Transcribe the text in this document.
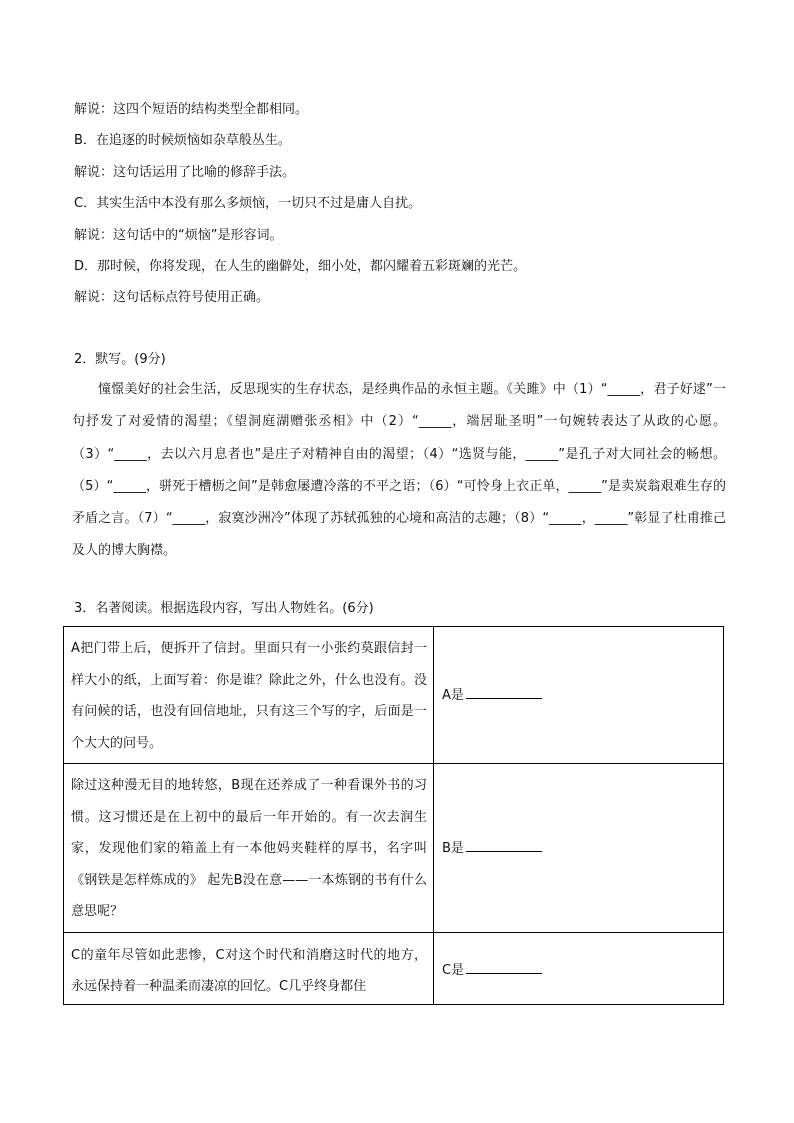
解说：这四个短语的结构类型全都相同。
B．在追逐的时候烦恼如杂草般丛生。
解说：这句话运用了比喻的修辞手法。
C．其实生活中本没有那么多烦恼，一切只不过是庸人自扰。
解说：这句话中的“烦恼”是形容词。
D．那时候，你将发现，在人生的幽僻处，细小处，都闪耀着五彩斑斓的光芒。
解说：这句话标点符号使用正确。
2．默写。(9分)

憧憬美好的社会生活，反思现实的生存状态，是经典作品的永恒主题。《关雎》中（1）“_____，君子好逑”一句抒发了对爱情的渴望；《望洞庭湖赠张丞相》中（2）“_____，端居耻圣明”一句婉转表达了从政的心愿。（3）“_____，去以六月息者也”是庄子对精神自由的渴望；（4）“选贤与能，_____”是孔子对大同社会的畅想。（5）“_____，骈死于槽枥之间”是韩愈屡遭冷落的不平之语；（6）“可怜身上衣正单，_____”是卖炭翁艰难生存的矛盾之言。（7）“_____，寂寞沙洲冷”体现了苏轼孤独的心境和高洁的志趣；（8）“_____，_____”彰显了杜甫推己及人的博大胸襟。

3．名著阅读。根据选段内容，写出人物姓名。(6分)
A把门带上后，便拆开了信封。里面只有一小张约莫跟信封一样大小的纸，上面写着：你是谁？除此之外，什么也没有。没有问候的话，也没有回信地址，只有这三个写的字，后面是一个大大的问号。	A是
除过这种漫无目的地转悠，B现在还养成了一种看课外书的习惯。这习惯还是在上初中的最后一年开始的。有一次去润生家，发现他们家的箱盖上有一本他妈夹鞋样的厚书，名字叫《钢铁是怎样炼成的》 起先B没在意——一本炼钢的书有什么意思呢？	B是
C的童年尽管如此悲惨，C对这个时代和消磨这时代的地方，永远保持着一种温柔而凄凉的回忆。C几乎终身都住	C是
